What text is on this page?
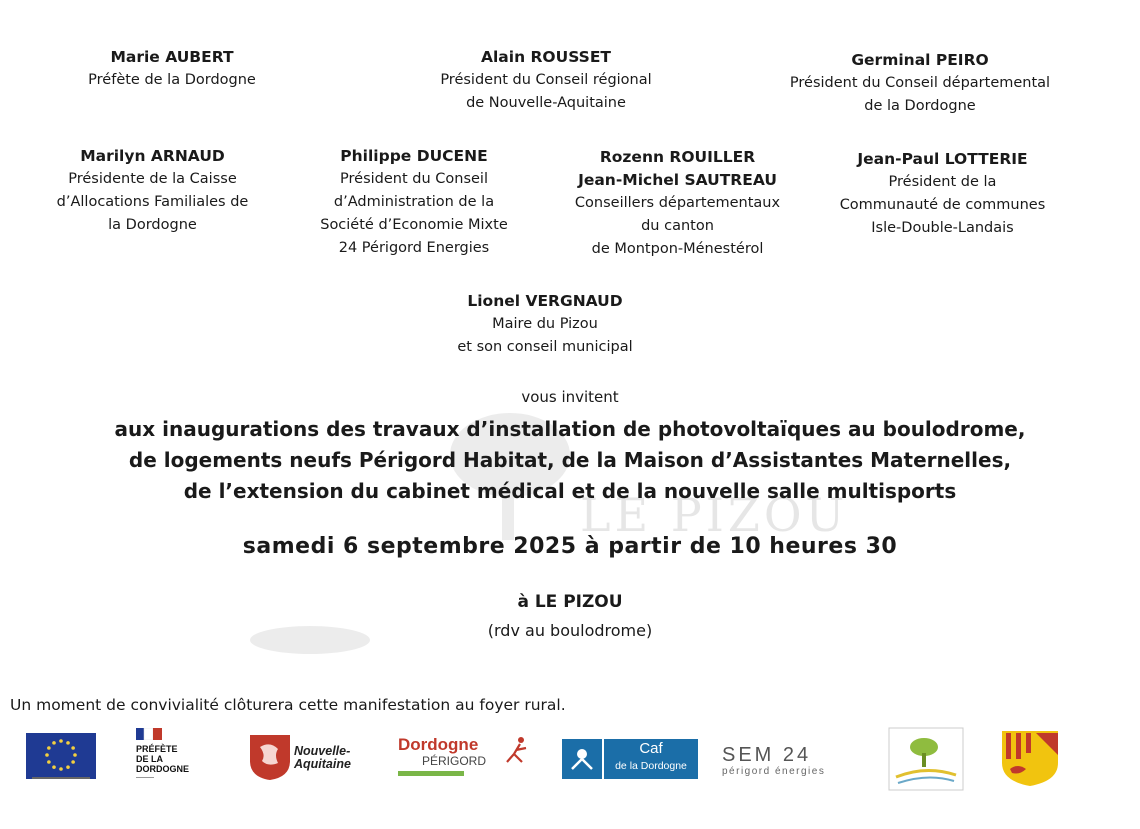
LE PIZOU
Marie AUBERT
Préfète de la Dordogne
Alain ROUSSET
Président du Conseil régional
de Nouvelle-Aquitaine
Germinal PEIRO
Président du Conseil départemental
de la Dordogne
Marilyn ARNAUD
Présidente de la Caisse
d’Allocations Familiales de
la Dordogne
Philippe DUCENE
Président du Conseil
d’Administration de la
Société d’Economie Mixte
24 Périgord Energies
Rozenn ROUILLER
Jean-Michel SAUTREAU
Conseillers départementaux
du canton
de Montpon-Ménestérol
Jean-Paul LOTTERIE
Président de la
Communauté de communes
Isle-Double-Landais
Lionel VERGNAUD
Maire du Pizou
et son conseil municipal
vous invitent
aux inaugurations des travaux d’installation de photovoltaïques au boulodrome,
de logements neufs Périgord Habitat, de la Maison d’Assistantes Maternelles,
de l’extension du cabinet médical et de la nouvelle salle multisports
samedi 6 septembre 2025 à partir de 10 heures 30
à LE PIZOU
(rdv au boulodrome)
Un moment de convivialité clôturera cette manifestation au foyer rural.
PRÉFÈTE
DE LA
DORDOGNE
Nouvelle-
Aquitaine
Dordogne
PÉRIGORD
Caf
de la Dordogne	SEM 24
périgord énergies
